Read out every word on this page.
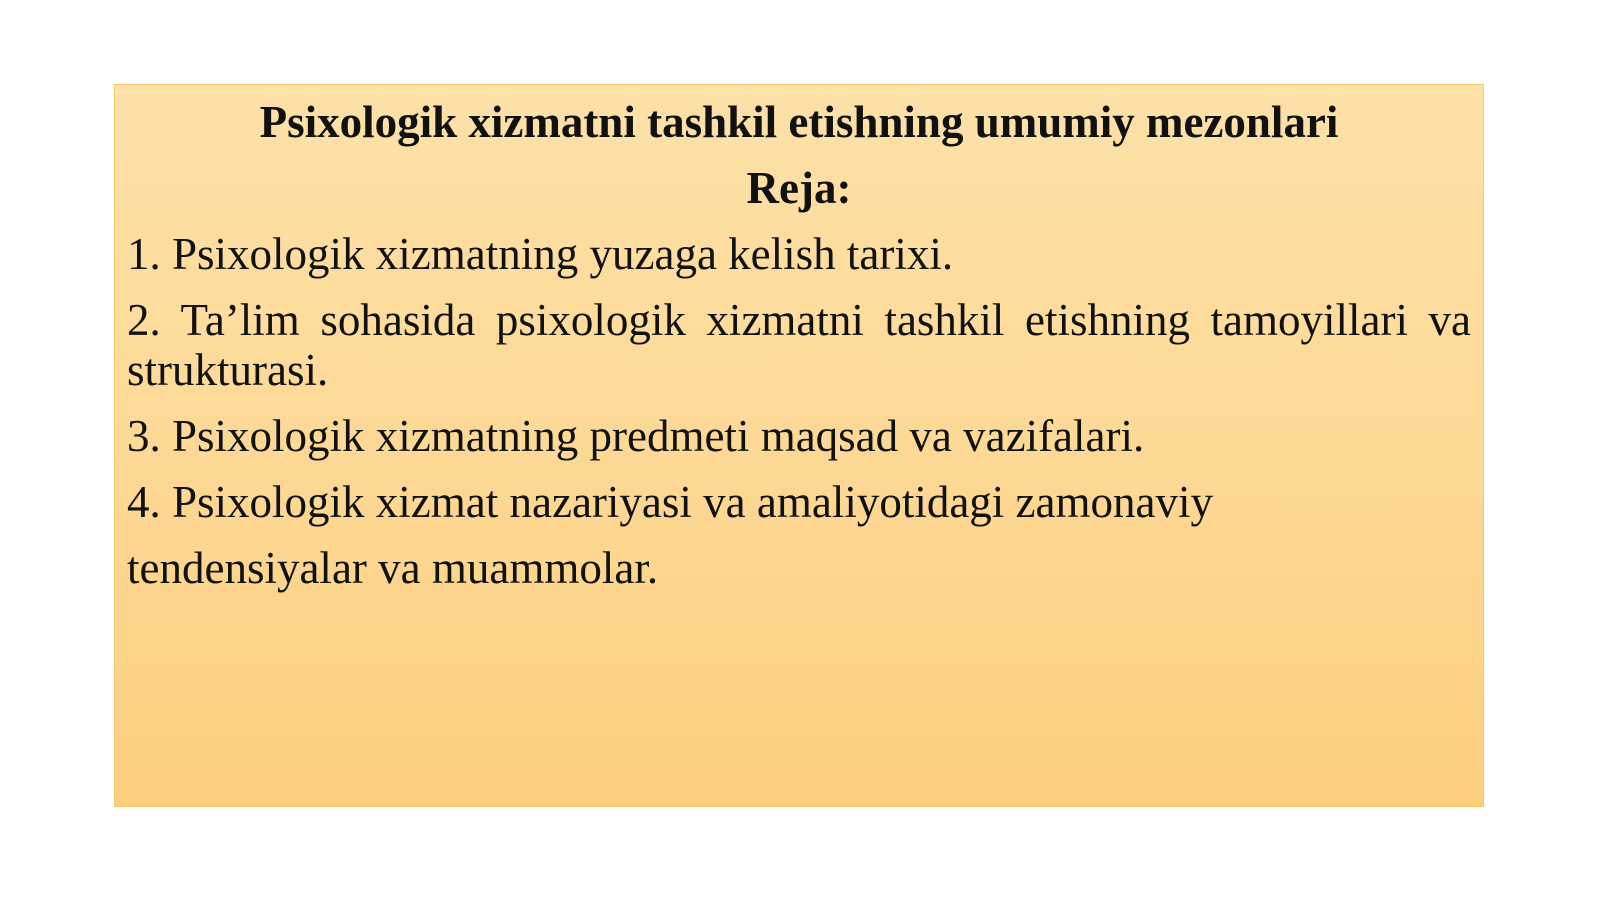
Psixologik xizmatni tashkil etishning umumiy mezonlari
Reja:
1. Psixologik xizmatning yuzaga kelish tarixi.
2. Ta’lim sohasida psixologik xizmatni tashkil etishning tamoyillari va strukturasi.
3. Psixologik xizmatning predmeti maqsad va vazifalari.
4. Psixologik xizmat nazariyasi va amaliyotidagi zamonaviy tendensiyalar va muammolar.
